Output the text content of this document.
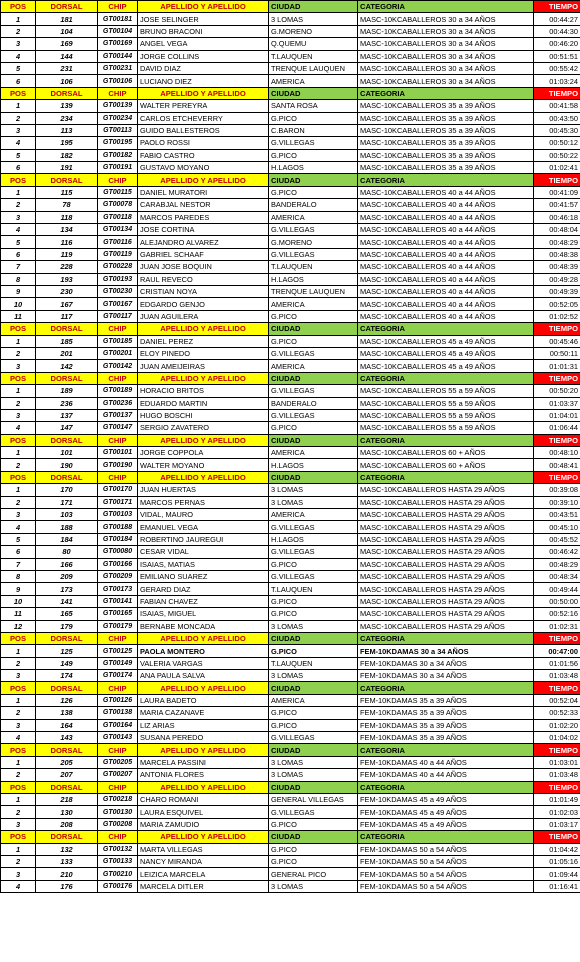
POS	DORSAL	CHIP	APELLIDO Y APELLIDO	CIUDAD	CATEGORIA	TIEMPO
1	181	GT00181	JOSE SELINGER	3 LOMAS	MASC-10KCABALLEROS 30 a 34 AÑOS	00:44:27
2	104	GT00104	BRUNO BRACONI	G.MORENO	MASC-10KCABALLEROS 30 a 34 AÑOS	00:44:30
3	169	GT00169	ANGEL VEGA	Q.QUEMU	MASC-10KCABALLEROS 30 a 34 AÑOS	00:46:20
4	144	GT00144	JORGE COLLINS	T.LAUQUEN	MASC-10KCABALLEROS 30 a 34 AÑOS	00:51:51
5	231	GT00231	DAVID DIAZ	TRENQUE LAUQUEN	MASC-10KCABALLEROS 30 a 34 AÑOS	00:55:42
6	106	GT00106	LUCIANO DIEZ	AMERICA	MASC-10KCABALLEROS 30 a 34 AÑOS	01:03:24
POS	DORSAL	CHIP	APELLIDO Y APELLIDO	CIUDAD	CATEGORIA	TIEMPO
1	139	GT00139	WALTER PEREYRA	SANTA ROSA	MASC-10KCABALLEROS 35 a 39 AÑOS	00:41:58
2	234	GT00234	CARLOS ETCHEVERRY	G.PICO	MASC-10KCABALLEROS 35 a 39 AÑOS	00:43:50
3	113	GT00113	GUIDO BALLESTEROS	C.BARON	MASC-10KCABALLEROS 35 a 39 AÑOS	00:45:30
4	195	GT00195	PAOLO ROSSI	G.VILLEGAS	MASC-10KCABALLEROS 35 a 39 AÑOS	00:50:12
5	182	GT00182	FABIO CASTRO	G.PICO	MASC-10KCABALLEROS 35 a 39 AÑOS	00:50:22
6	191	GT00191	GUSTAVO MOYANO	H.LAGOS	MASC-10KCABALLEROS 35 a 39 AÑOS	01:02:41
POS	DORSAL	CHIP	APELLIDO Y APELLIDO	CIUDAD	CATEGORIA	TIEMPO
1	115	GT00115	DANIEL MURATORI	G.PICO	MASC-10KCABALLEROS 40 a 44 AÑOS	00:41:09
2	78	GT00078	CARABJAL NESTOR	BANDERALO	MASC-10KCABALLEROS 40 a 44 AÑOS	00:41:57
3	118	GT00118	MARCOS PAREDES	AMERICA	MASC-10KCABALLEROS 40 a 44 AÑOS	00:46:18
4	134	GT00134	JOSE CORTINA	G.VILLEGAS	MASC-10KCABALLEROS 40 a 44 AÑOS	00:48:04
5	116	GT00116	ALEJANDRO ALVAREZ	G.MORENO	MASC-10KCABALLEROS 40 a 44 AÑOS	00:48:29
6	119	GT00119	GABRIEL SCHAAF	G.VILLEGAS	MASC-10KCABALLEROS 40 a 44 AÑOS	00:48:38
7	228	GT00228	JUAN JOSE BOQUIN	T.LAUQUEN	MASC-10KCABALLEROS 40 a 44 AÑOS	00:48:39
8	193	GT00193	RAUL REVECO	H.LAGOS	MASC-10KCABALLEROS 40 a 44 AÑOS	00:49:28
9	230	GT00230	CRISTIAN NOYA	TRENQUE LAUQUEN	MASC-10KCABALLEROS 40 a 44 AÑOS	00:49:39
10	167	GT00167	EDGARDO GENJO	AMERICA	MASC-10KCABALLEROS 40 a 44 AÑOS	00:52:05
11	117	GT00117	JUAN AGUILERA	G.PICO	MASC-10KCABALLEROS 40 a 44 AÑOS	01:02:52
POS	DORSAL	CHIP	APELLIDO Y APELLIDO	CIUDAD	CATEGORIA	TIEMPO
1	185	GT00185	DANIEL PEREZ	G.PICO	MASC-10KCABALLEROS 45 a 49 AÑOS	00:45:46
2	201	GT00201	ELOY PINEDO	G.VILLEGAS	MASC-10KCABALLEROS 45 a 49 AÑOS	00:50:11
3	142	GT00142	JUAN AMEIJEIRAS	AMERICA	MASC-10KCABALLEROS 45 a 49 AÑOS	01:01:31
POS	DORSAL	CHIP	APELLIDO Y APELLIDO	CIUDAD	CATEGORIA	TIEMPO
1	189	GT00189	HORACIO BRITOS	G.VILLEGAS	MASC-10KCABALLEROS 55 a 59 AÑOS	00:50:20
2	236	GT00236	EDUARDO MARTIN	BANDERALO	MASC-10KCABALLEROS 55 a 59 AÑOS	01:03:37
3	137	GT00137	HUGO BOSCHI	G.VILLEGAS	MASC-10KCABALLEROS 55 a 59 AÑOS	01:04:01
4	147	GT00147	SERGIO ZAVATERO	G.PICO	MASC-10KCABALLEROS 55 a 59 AÑOS	01:06:44
POS	DORSAL	CHIP	APELLIDO Y APELLIDO	CIUDAD	CATEGORIA	TIEMPO
1	101	GT00101	JORGE COPPOLA	AMERICA	MASC-10KCABALLEROS 60 + AÑOS	00:48:10
2	190	GT00190	WALTER MOYANO	H.LAGOS	MASC-10KCABALLEROS 60 + AÑOS	00:48:41
POS	DORSAL	CHIP	APELLIDO Y APELLIDO	CIUDAD	CATEGORIA	TIEMPO
1	170	GT00170	JUAN HUERTAS	3 LOMAS	MASC-10KCABALLEROS HASTA 29 AÑOS	00:39:08
2	171	GT00171	MARCOS PERNAS	3 LOMAS	MASC-10KCABALLEROS HASTA 29 AÑOS	00:39:10
3	103	GT00103	VIDAL, MAURO	AMERICA	MASC-10KCABALLEROS HASTA 29 AÑOS	00:43:51
4	188	GT00188	EMANUEL VEGA	G.VILLEGAS	MASC-10KCABALLEROS HASTA 29 AÑOS	00:45:10
5	184	GT00184	ROBERTINO JAUREGUI	H.LAGOS	MASC-10KCABALLEROS HASTA 29 AÑOS	00:45:52
6	80	GT00080	CESAR VIDAL	G.VILLEGAS	MASC-10KCABALLEROS HASTA 29 AÑOS	00:46:42
7	166	GT00166	ISAIAS, MATIAS	G.PICO	MASC-10KCABALLEROS HASTA 29 AÑOS	00:48:29
8	209	GT00209	EMILIANO SUAREZ	G.VILLEGAS	MASC-10KCABALLEROS HASTA 29 AÑOS	00:48:34
9	173	GT00173	GERARD DIAZ	T.LAUQUEN	MASC-10KCABALLEROS HASTA 29 AÑOS	00:49:44
10	141	GT00141	FABIAN CHAVEZ	G.PICO	MASC-10KCABALLEROS HASTA 29 AÑOS	00:50:00
11	165	GT00165	ISAIAS, MIGUEL	G.PICO	MASC-10KCABALLEROS HASTA 29 AÑOS	00:52:16
12	179	GT00179	BERNABE MONCADA	3 LOMAS	MASC-10KCABALLEROS HASTA 29 AÑOS	01:02:31
POS	DORSAL	CHIP	APELLIDO Y APELLIDO	CIUDAD	CATEGORIA	TIEMPO
1	125	GT00125	PAOLA MONTERO	G.PICO	FEM-10KDAMAS 30 a 34 AÑOS	00:47:00
2	149	GT00149	VALERIA VARGAS	T.LAUQUEN	FEM-10KDAMAS 30 a 34 AÑOS	01:01:56
3	174	GT00174	ANA PAULA SALVA	3 LOMAS	FEM-10KDAMAS 30 a 34 AÑOS	01:03:48
POS	DORSAL	CHIP	APELLIDO Y APELLIDO	CIUDAD	CATEGORIA	TIEMPO
1	126	GT00126	LAURA BADETO	AMERICA	FEM-10KDAMAS 35 a 39 AÑOS	00:52:04
2	138	GT00138	MARIA CAZANAVE	G.PICO	FEM-10KDAMAS 35 a 39 AÑOS	00:52:33
3	164	GT00164	LIZ ARIAS	G.PICO	FEM-10KDAMAS 35 a 39 AÑOS	01:02:20
4	143	GT00143	SUSANA PEREDO	G.VILLEGAS	FEM-10KDAMAS 35 a 39 AÑOS	01:04:02
POS	DORSAL	CHIP	APELLIDO Y APELLIDO	CIUDAD	CATEGORIA	TIEMPO
1	205	GT00205	MARCELA PASSINI	3 LOMAS	FEM-10KDAMAS 40 a 44 AÑOS	01:03:01
2	207	GT00207	ANTONIA FLORES	3 LOMAS	FEM-10KDAMAS 40 a 44 AÑOS	01:03:48
POS	DORSAL	CHIP	APELLIDO Y APELLIDO	CIUDAD	CATEGORIA	TIEMPO
1	218	GT00218	CHARO ROMANI	GENERAL VILLEGAS	FEM-10KDAMAS 45 a 49 AÑOS	01:01:49
2	130	GT00130	LAURA ESQUIVEL	G.VILLEGAS	FEM-10KDAMAS 45 a 49 AÑOS	01:02:03
3	208	GT00208	MARIA ZAMUDIO	G.PICO	FEM-10KDAMAS 45 a 49 AÑOS	01:03:17
POS	DORSAL	CHIP	APELLIDO Y APELLIDO	CIUDAD	CATEGORIA	TIEMPO
1	132	GT00132	MARTA VILLEGAS	G.PICO	FEM-10KDAMAS 50 a 54 AÑOS	01:04:42
2	133	GT00133	NANCY MIRANDA	G.PICO	FEM-10KDAMAS 50 a 54 AÑOS	01:05:16
3	210	GT00210	LEIZICA MARCELA	GENERAL PICO	FEM-10KDAMAS 50 a 54 AÑOS	01:09:44
4	176	GT00176	MARCELA DITLER	3 LOMAS	FEM-10KDAMAS 50 a 54 AÑOS	01:16:41
